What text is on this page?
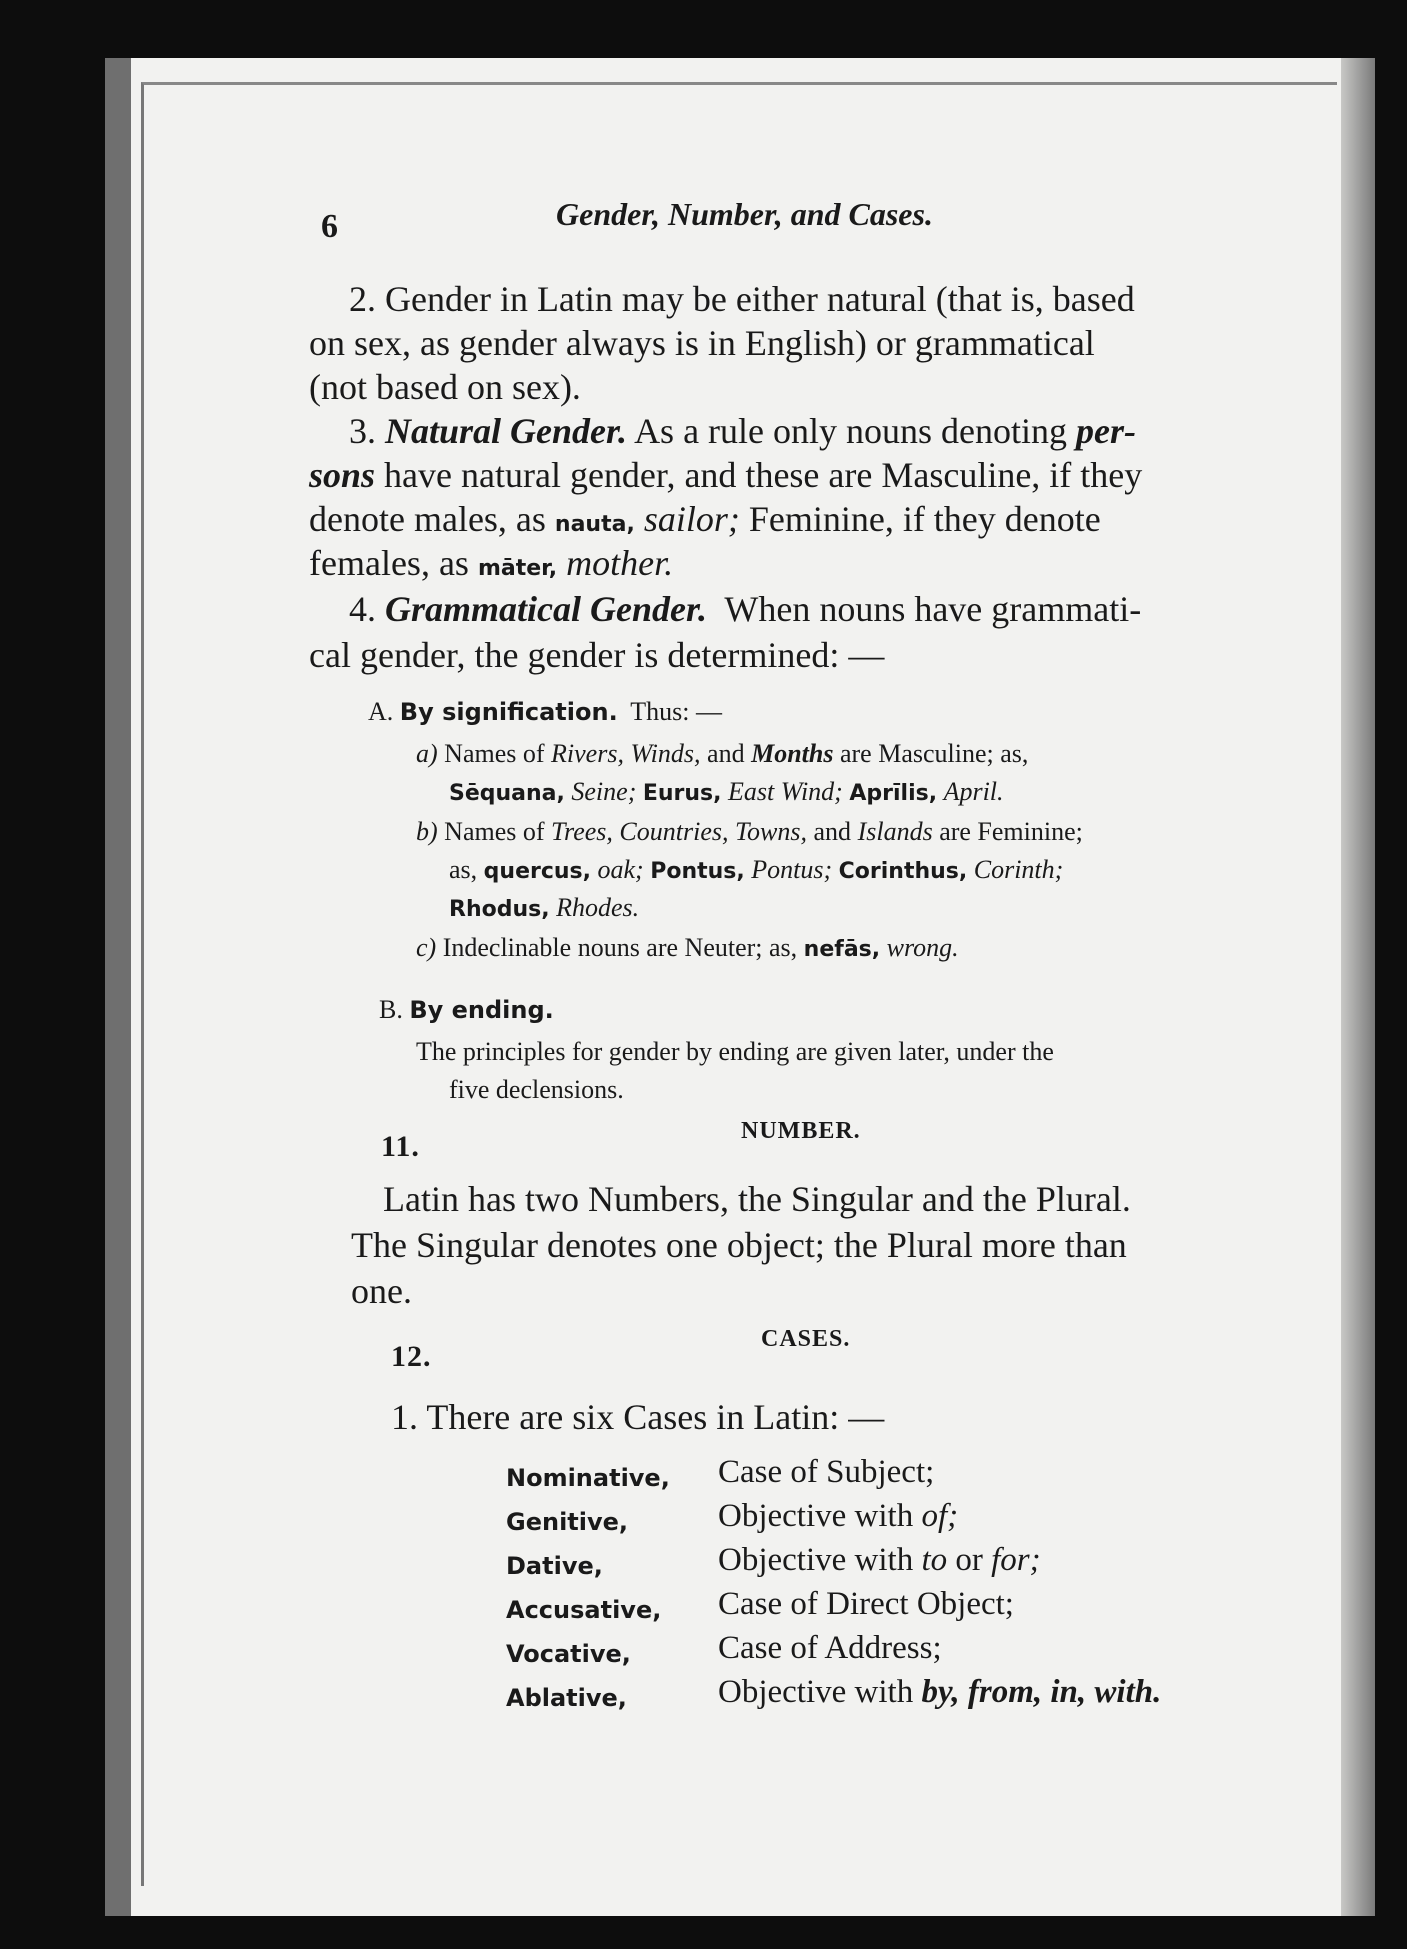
6	Gender, Number, and Cases.
2. Gender in Latin may be either natural (that is, based
on sex, as gender always is in English) or grammatical
(not based on sex).
3. Natural Gender. As a rule only nouns denoting per-
sons have natural gender, and these are Masculine, if they
denote males, as nauta, sailor; Feminine, if they denote
females, as māter, mother.
4. Grammatical Gender. When nouns have grammati-
cal gender, the gender is determined: —
A. By signification. Thus: —
a) Names of Rivers, Winds, and Months are Masculine; as,
Sēquana, Seine; Eurus, East Wind; Aprīlis, April.
b) Names of Trees, Countries, Towns, and Islands are Feminine;
as, quercus, oak; Pontus, Pontus; Corinthus, Corinth;
Rhodus, Rhodes.
c) Indeclinable nouns are Neuter; as, nefās, wrong.
B. By ending.
The principles for gender by ending are given later, under the
five declensions.
11.	NUMBER.
Latin has two Numbers, the Singular and the Plural.
The Singular denotes one object; the Plural more than
one.
12.
CASES.
1. There are six Cases in Latin: —
Nominative, Case of Subject;
Genitive,	Objective with of;
Dative,	Objective with to or for;
Accusative, Case of Direct Object;
Vocative,	Case of Address;
Ablative,	Objective with by, from, in, with.
